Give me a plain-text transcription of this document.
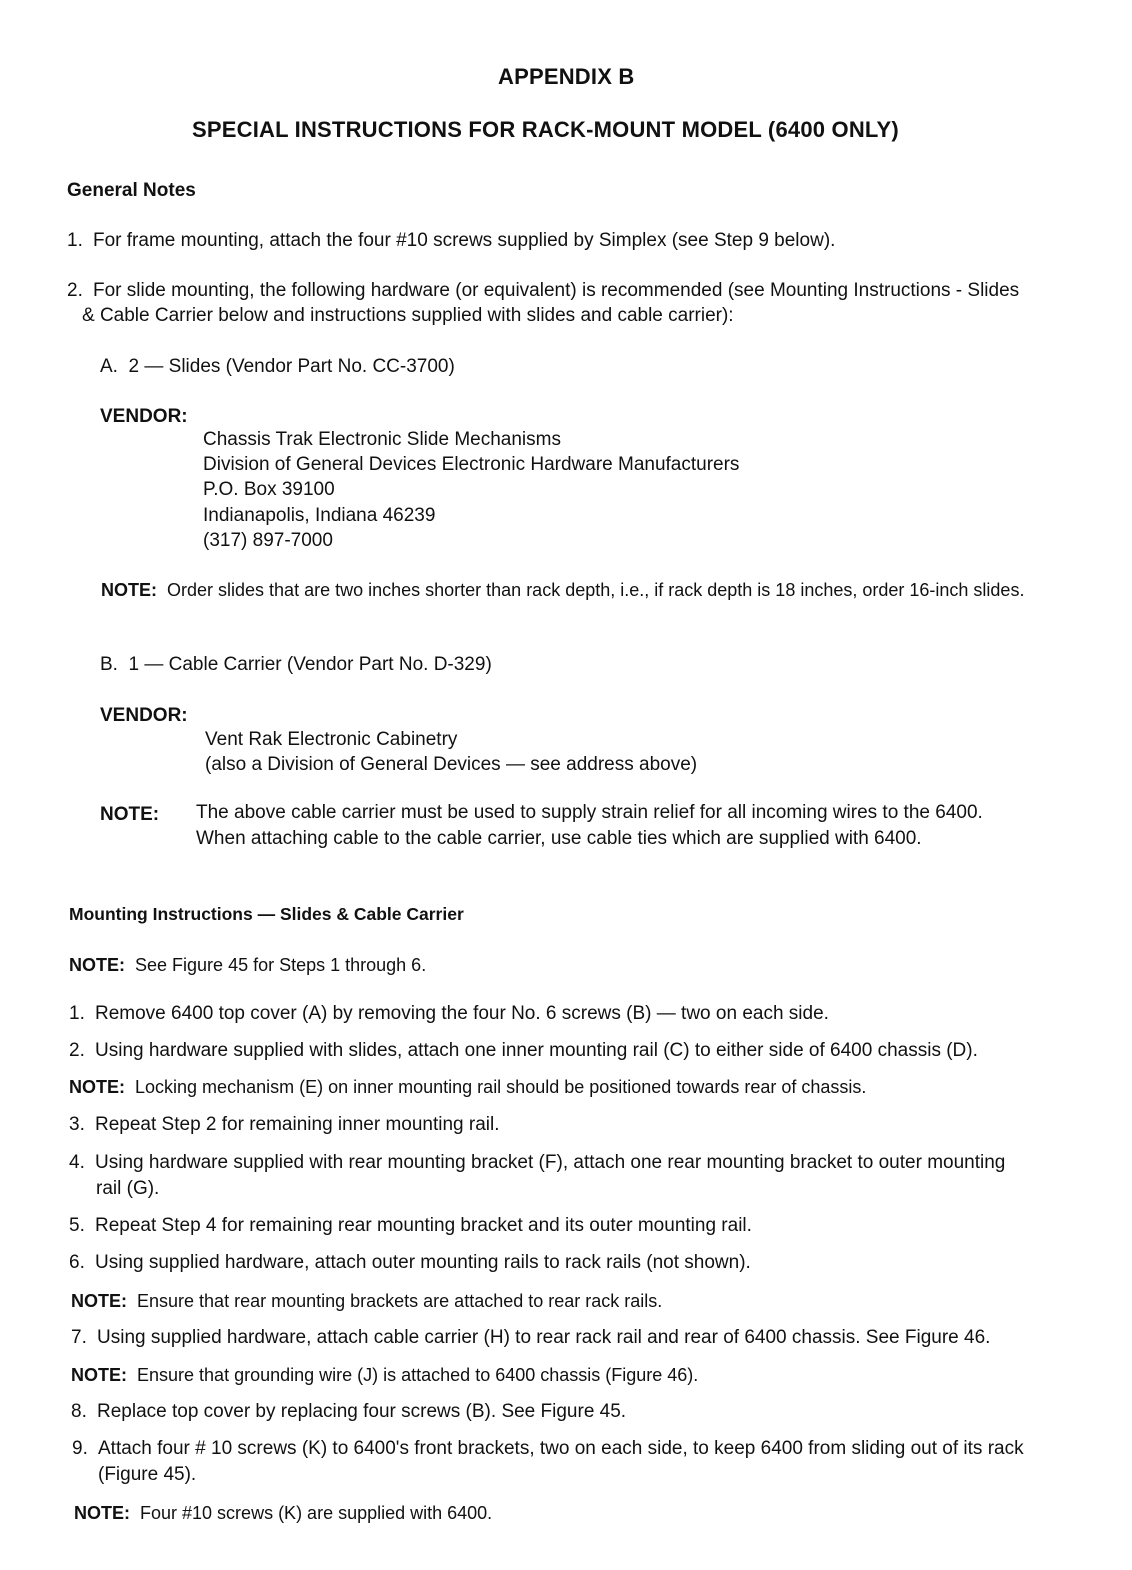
APPENDIX B
SPECIAL INSTRUCTIONS FOR RACK-MOUNT MODEL (6400 ONLY)
General Notes
1. For frame mounting, attach the four #10 screws supplied by Simplex (see Step 9 below).
2. For slide mounting, the following hardware (or equivalent) is recommended (see Mounting Instructions - Slides
& Cable Carrier below and instructions supplied with slides and cable carrier):
A. 2 — Slides (Vendor Part No. CC-3700)
VENDOR:
Chassis Trak Electronic Slide Mechanisms
Division of General Devices Electronic Hardware Manufacturers
P.O. Box 39100
Indianapolis, Indiana 46239
(317) 897-7000
NOTE: Order slides that are two inches shorter than rack depth, i.e., if rack depth is 18 inches, order 16-inch slides.
B. 1 — Cable Carrier (Vendor Part No. D-329)
VENDOR:
Vent Rak Electronic Cabinetry
(also a Division of General Devices — see address above)
NOTE: The above cable carrier must be used to supply strain relief for all incoming wires to the 6400.
When attaching cable to the cable carrier, use cable ties which are supplied with 6400.
Mounting Instructions — Slides & Cable Carrier
NOTE: See Figure 45 for Steps 1 through 6.
1. Remove 6400 top cover (A) by removing the four No. 6 screws (B) — two on each side.
2. Using hardware supplied with slides, attach one inner mounting rail (C) to either side of 6400 chassis (D).
NOTE: Locking mechanism (E) on inner mounting rail should be positioned towards rear of chassis.
3. Repeat Step 2 for remaining inner mounting rail.
4. Using hardware supplied with rear mounting bracket (F), attach one rear mounting bracket to outer mounting
rail (G).
5. Repeat Step 4 for remaining rear mounting bracket and its outer mounting rail.
6. Using supplied hardware, attach outer mounting rails to rack rails (not shown).
NOTE: Ensure that rear mounting brackets are attached to rear rack rails.
7. Using supplied hardware, attach cable carrier (H) to rear rack rail and rear of 6400 chassis. See Figure 46.
NOTE: Ensure that grounding wire (J) is attached to 6400 chassis (Figure 46).
8. Replace top cover by replacing four screws (B). See Figure 45.
9. Attach four # 10 screws (K) to 6400's front brackets, two on each side, to keep 6400 from sliding out of its rack
(Figure 45).
NOTE: Four #10 screws (K) are supplied with 6400.
